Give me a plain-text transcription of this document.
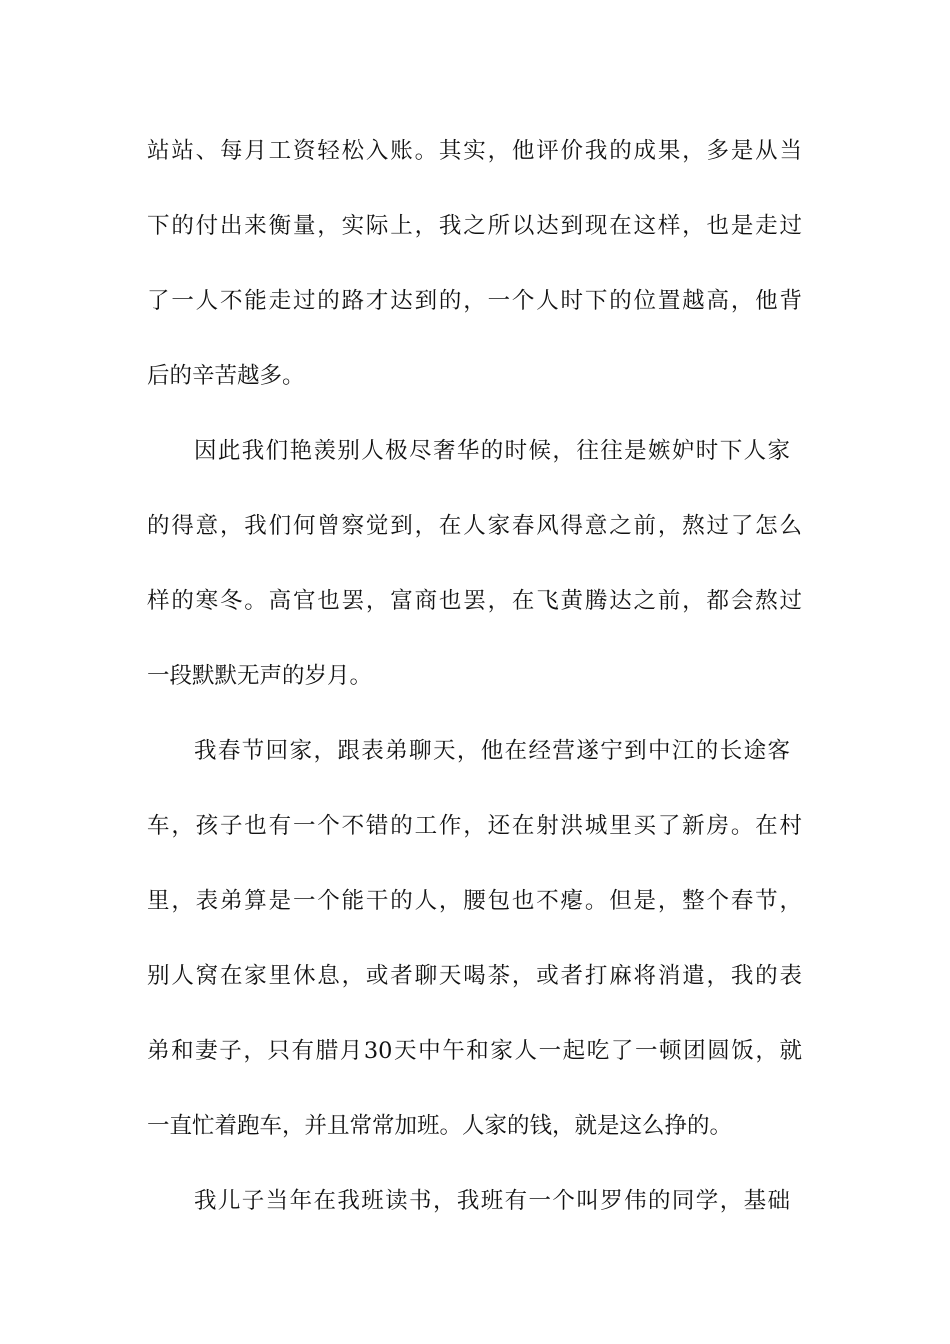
站站、每月工资轻松入账。其实，他评价我的成果，多是从当
下的付出来衡量，实际上，我之所以达到现在这样，也是走过
了一人不能走过的路才达到的，一个人时下的位置越高，他背
后的辛苦越多。
因此我们艳羡别人极尽奢华的时候，往往是嫉妒时下人家
的得意，我们何曾察觉到，在人家春风得意之前，熬过了怎么
样的寒冬。高官也罢，富商也罢，在飞黄腾达之前，都会熬过
一段默默无声的岁月。
我春节回家，跟表弟聊天，他在经营遂宁到中江的长途客
车，孩子也有一个不错的工作，还在射洪城里买了新房。在村
里，表弟算是一个能干的人，腰包也不瘪。但是，整个春节，
别人窝在家里休息，或者聊天喝茶，或者打麻将消遣，我的表
弟和妻子，只有腊月30天中午和家人一起吃了一顿团圆饭，就
一直忙着跑车，并且常常加班。人家的钱，就是这么挣的。
我儿子当年在我班读书，我班有一个叫罗伟的同学，基础
